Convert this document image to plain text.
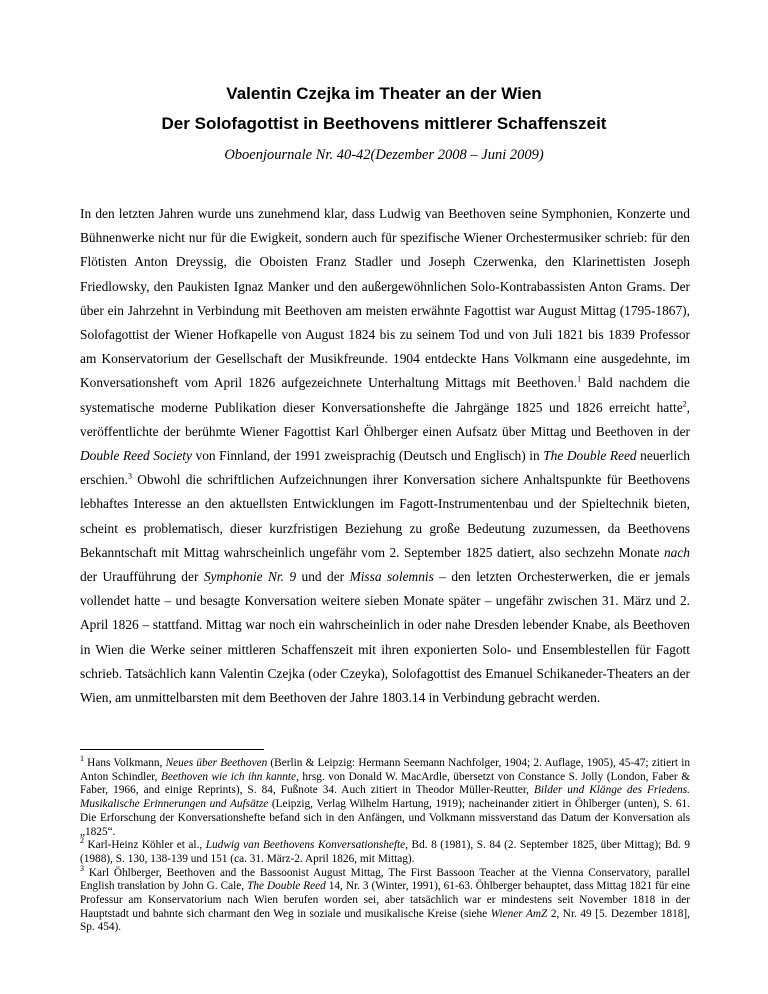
Valentin Czejka im Theater an der Wien
Der Solofagottist in Beethovens mittlerer Schaffenszeit

Oboenjournale Nr. 40-42(Dezember 2008 – Juni 2009)

In den letzten Jahren wurde uns zunehmend klar, dass Ludwig van Beethoven seine Symphonien, Konzerte und Bühnenwerke nicht nur für die Ewigkeit, sondern auch für spezifische Wiener Orchestermusiker schrieb: für den Flötisten Anton Dreyssig, die Oboisten Franz Stadler und Joseph Czerwenka, den Klarinettisten Joseph Friedlowsky, den Paukisten Ignaz Manker und den außergewöhnlichen Solo-Kontrabassisten Anton Grams. Der über ein Jahrzehnt in Verbindung mit Beethoven am meisten erwähnte Fagottist war August Mittag (1795-1867), Solofagottist der Wiener Hofkapelle von August 1824 bis zu seinem Tod und von Juli 1821 bis 1839 Professor am Konservatorium der Gesellschaft der Musikfreunde. 1904 entdeckte Hans Volkmann eine ausgedehnte, im Konversationsheft vom April 1826 aufgezeichnete Unterhaltung Mittags mit Beethoven.$^1$ Bald nachdem die systematische moderne Publikation dieser Konversationshefte die Jahrgänge 1825 und 1826 erreicht hatte$^2$, veröffentlichte der berühmte Wiener Fagottist Karl Öhlberger einen Aufsatz über Mittag und Beethoven in der Double Reed Society von Finnland, der 1991 zweisprachig (Deutsch und Englisch) in The Double Reed neuerlich erschien.$^3$ Obwohl die schriftlichen Aufzeichnungen ihrer Konversation sichere Anhaltspunkte für Beethovens lebhaftes Interesse an den aktuellsten Entwicklungen im Fagott-Instrumentenbau und der Spieltechnik bieten, scheint es problematisch, dieser kurzfristigen Beziehung zu große Bedeutung zuzumessen, da Beethovens Bekanntschaft mit Mittag wahrscheinlich ungefähr vom 2. September 1825 datiert, also sechzehn Monate nach der Uraufführung der Symphonie Nr. 9 und der Missa solemnis – den letzten Orchesterwerken, die er jemals vollendet hatte – und besagte Konversation weitere sieben Monate später – ungefähr zwischen 31. März und 2. April 1826 – stattfand. Mittag war noch ein wahrscheinlich in oder nahe Dresden lebender Knabe, als Beethoven in Wien die Werke seiner mittleren Schaffenszeit mit ihren exponierten Solo- und Ensemblestellen für Fagott schrieb. Tatsächlich kann Valentin Czejka (oder Czeyka), Solofagottist des Emanuel Schikaneder-Theaters an der Wien, am unmittelbarsten mit dem Beethoven der Jahre 1803.14 in Verbindung gebracht werden.

$^1$ Hans Volkmann, Neues über Beethoven (Berlin & Leipzig: Hermann Seemann Nachfolger, 1904; 2. Auflage, 1905), 45-47; zitiert in Anton Schindler, Beethoven wie ich ihn kannte, hrsg. von Donald W. MacArdle, übersetzt von Constance S. Jolly (London, Faber & Faber, 1966, and einige Reprints), S. 84, Fußnote 34. Auch zitiert in Theodor Müller-Reutter, Bilder und Klänge des Friedens. Musikalische Erinnerungen und Aufsätze (Leipzig, Verlag Wilhelm Hartung, 1919); nacheinander zitiert in Öhlberger (unten), S. 61. Die Erforschung der Konversationshefte befand sich in den Anfängen, und Volkmann missverstand das Datum der Konversation als „1825“.

$^2$ Karl-Heinz Köhler et al., Ludwig van Beethovens Konversationshefte, Bd. 8 (1981), S. 84 (2. September 1825, über Mittag); Bd. 9 (1988), S. 130, 138-139 und 151 (ca. 31. März-2. April 1826, mit Mittag).

$^3$ Karl Öhlberger, Beethoven and the Bassoonist August Mittag, The First Bassoon Teacher at the Vienna Conservatory, parallel English translation by John G. Cale, The Double Reed 14, Nr. 3 (Winter, 1991), 61-63. Öhlberger behauptet, dass Mittag 1821 für eine Professur am Konservatorium nach Wien berufen worden sei, aber tatsächlich war er mindestens seit November 1818 in der Hauptstadt und bahnte sich charmant den Weg in soziale und musikalische Kreise (siehe Wiener AmZ 2, Nr. 49 [5. Dezember 1818], Sp. 454).
